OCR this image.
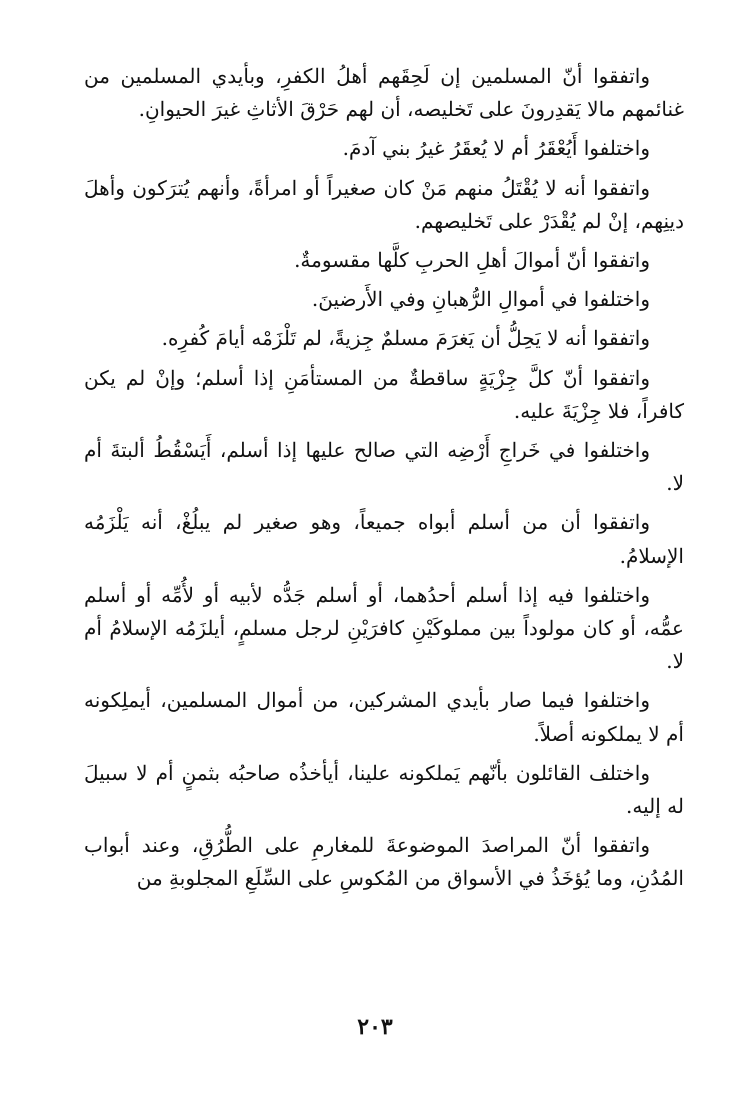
واتفقوا أنّ المسلمين إن لَحِقَهم أهلُ الكفرِ، وبأيدي المسلمين من غنائمهم مالا يَقدِرونَ على تَخليصه، أن لهم حَرْقَ الأثاثِ غيرَ الحيوانِ.

واختلفوا أَيُعْقَرُ أم لا يُعقَرُ غيرُ بني آدمَ.

واتفقوا أنه لا يُقْتَلُ منهم مَنْ كان صغيراً أو امرأةً، وأنهم يُترَكون وأهلَ دينِهم، إنْ لم يُقْدَرْ على تَخليصهم.

واتفقوا أنّ أموالَ أهلِ الحربِ كلَّها مقسومةٌ.

واختلفوا في أموالِ الرُّهبانِ وفي الأَرضينَ.

واتفقوا أنه لا يَحِلُّ أن يَغرَمَ مسلمٌ جِزيةً، لم تَلْزَمْه أيامَ كُفرِه.

واتفقوا أنّ كلَّ جِزْيَةٍ ساقطةٌ من المستأمَنِ إذا أسلم؛ وإنْ لم يكن كافراً، فلا جِزْيَةَ عليه.

واختلفوا في خَراجِ أَرْضِه التي صالح عليها إذا أسلم، أَيَسْقُطُ ألبتةَ أم لا.

واتفقوا أن من أسلم أبواه جميعاً، وهو صغير لم يبلُغْ، أنه يَلْزَمُه الإسلامُ.

واختلفوا فيه إذا أسلم أحدُهما، أو أسلم جَدُّه لأبيه أو لأُمِّه أو أسلم عمُّه، أو كان مولوداً بين مملوكَيْنِ كافرَيْنِ لرجل مسلمٍ، أيلزَمُه الإسلامُ أم لا.

واختلفوا فيما صار بأيدي المشركين، من أموال المسلمين، أيملِكونه أم لا يملكونه أصلاً.

واختلف القائلون بأنّهم يَملكونه علينا، أيأخذُه صاحبُه بثمنٍ أم لا سبيلَ له إليه.

واتفقوا أنّ المراصدَ الموضوعةَ للمغارمِ على الطُّرُقِ، وعند أبواب المُدُنِ، وما يُؤخَذُ في الأسواق من المُكوسِ على السِّلَعِ المجلوبةِ من

٢٠٣
